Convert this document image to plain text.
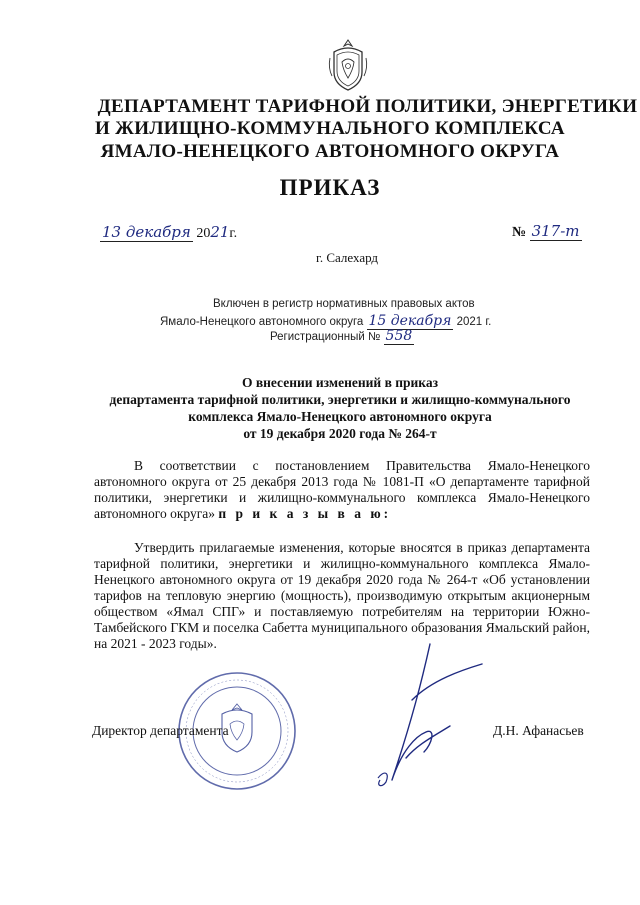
ДЕПАРТАМЕНТ ТАРИФНОЙ ПОЛИТИКИ, ЭНЕРГЕТИКИ
И ЖИЛИЩНО-КОММУНАЛЬНОГО КОМПЛЕКСА
ЯМАЛО-НЕНЕЦКОГО АВТОНОМНОГО ОКРУГА
ПРИКАЗ
13 декабря 2021г.	№ 317-т
г. Салехард
Включен в регистр нормативных правовых актов
Ямало-Ненецкого автономного округа 15 декабря 2021 г.
Регистрационный № 558
О внесении изменений в приказ
департамента тарифной политики, энергетики и жилищно-коммунального
комплекса Ямало-Ненецкого автономного округа
от 19 декабря 2020 года № 264-т
В соответствии с постановлением Правительства Ямало-Ненецкого автономного округа от 25 декабря 2013 года № 1081-П «О департаменте тарифной политики, энергетики и жилищно-коммунального комплекса Ямало-Ненецкого автономного округа» п р и к а з ы в а ю:
Утвердить прилагаемые изменения, которые вносятся в приказ департамента тарифной политики, энергетики и жилищно-коммунального комплекса Ямало-Ненецкого автономного округа от 19 декабря 2020 года № 264-т «Об установлении тарифов на тепловую энергию (мощность), производимую открытым акционерным обществом «Ямал СПГ» и поставляемую потребителям на территории Южно-Тамбейского ГКМ и поселка Сабетта муниципального образования Ямальский район, на 2021 - 2023 годы».
Директор департамента	Д.Н. Афанасьев
